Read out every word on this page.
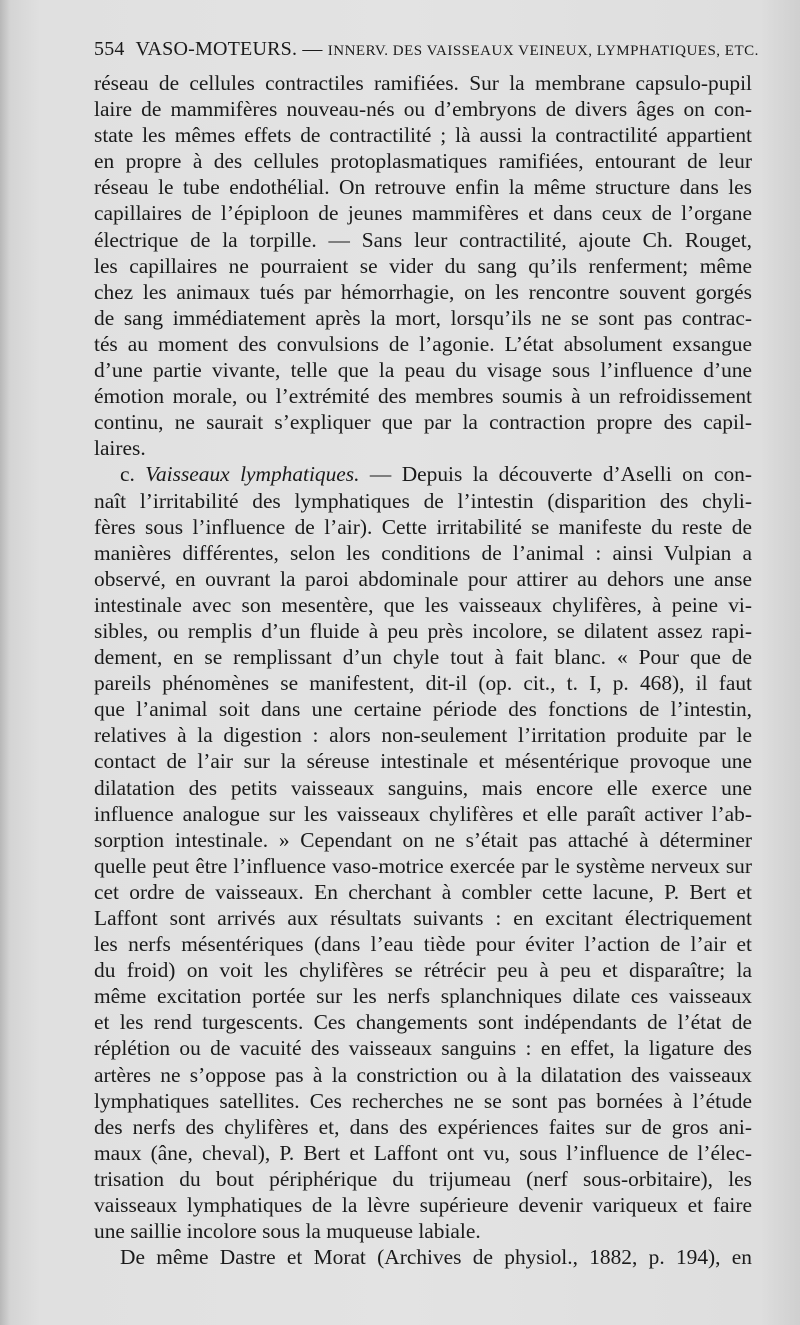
554 VASO-MOTEURS. — INNERV. DES VAISSEAUX VEINEUX, LYMPHATIQUES, ETC.

réseau de cellules contractiles ramifiées. Sur la membrane capsulo-pupil

laire de mammifères nouveau-nés ou d’embryons de divers âges on con-

state les mêmes effets de contractilité ; là aussi la contractilité appartient

en propre à des cellules protoplasmatiques ramifiées, entourant de leur

réseau le tube endothélial. On retrouve enfin la même structure dans les

capillaires de l’épiploon de jeunes mammifères et dans ceux de l’organe

électrique de la torpille. — Sans leur contractilité, ajoute Ch. Rouget,

les capillaires ne pourraient se vider du sang qu’ils renferment; même

chez les animaux tués par hémorrhagie, on les rencontre souvent gorgés

de sang immédiatement après la mort, lorsqu’ils ne se sont pas contrac-

tés au moment des convulsions de l’agonie. L’état absolument exsangue

d’une partie vivante, telle que la peau du visage sous l’influence d’une

émotion morale, ou l’extrémité des membres soumis à un refroidissement

continu, ne saurait s’expliquer que par la contraction propre des capil-

laires.

c. Vaisseaux lymphatiques. — Depuis la découverte d’Aselli on con-

naît l’irritabilité des lymphatiques de l’intestin (disparition des chyli-

fères sous l’influence de l’air). Cette irritabilité se manifeste du reste de

manières différentes, selon les conditions de l’animal : ainsi Vulpian a

observé, en ouvrant la paroi abdominale pour attirer au dehors une anse

intestinale avec son mesentère, que les vaisseaux chylifères, à peine vi-

sibles, ou remplis d’un fluide à peu près incolore, se dilatent assez rapi-

dement, en se remplissant d’un chyle tout à fait blanc. « Pour que de

pareils phénomènes se manifestent, dit-il (op. cit., t. I, p. 468), il faut

que l’animal soit dans une certaine période des fonctions de l’intestin,

relatives à la digestion : alors non-seulement l’irritation produite par le

contact de l’air sur la séreuse intestinale et mésentérique provoque une

dilatation des petits vaisseaux sanguins, mais encore elle exerce une

influence analogue sur les vaisseaux chylifères et elle paraît activer l’ab-

sorption intestinale. » Cependant on ne s’était pas attaché à déterminer

quelle peut être l’influence vaso-motrice exercée par le système nerveux sur

cet ordre de vaisseaux. En cherchant à combler cette lacune, P. Bert et

Laffont sont arrivés aux résultats suivants : en excitant électriquement

les nerfs mésentériques (dans l’eau tiède pour éviter l’action de l’air et

du froid) on voit les chylifères se rétrécir peu à peu et disparaître; la

même excitation portée sur les nerfs splanchniques dilate ces vaisseaux

et les rend turgescents. Ces changements sont indépendants de l’état de

réplétion ou de vacuité des vaisseaux sanguins : en effet, la ligature des

artères ne s’oppose pas à la constriction ou à la dilatation des vaisseaux

lymphatiques satellites. Ces recherches ne se sont pas bornées à l’étude

des nerfs des chylifères et, dans des expériences faites sur de gros ani-

maux (âne, cheval), P. Bert et Laffont ont vu, sous l’influence de l’élec-

trisation du bout périphérique du trijumeau (nerf sous-orbitaire), les

vaisseaux lymphatiques de la lèvre supérieure devenir variqueux et faire

une saillie incolore sous la muqueuse labiale.

De même Dastre et Morat (Archives de physiol., 1882, p. 194), en
